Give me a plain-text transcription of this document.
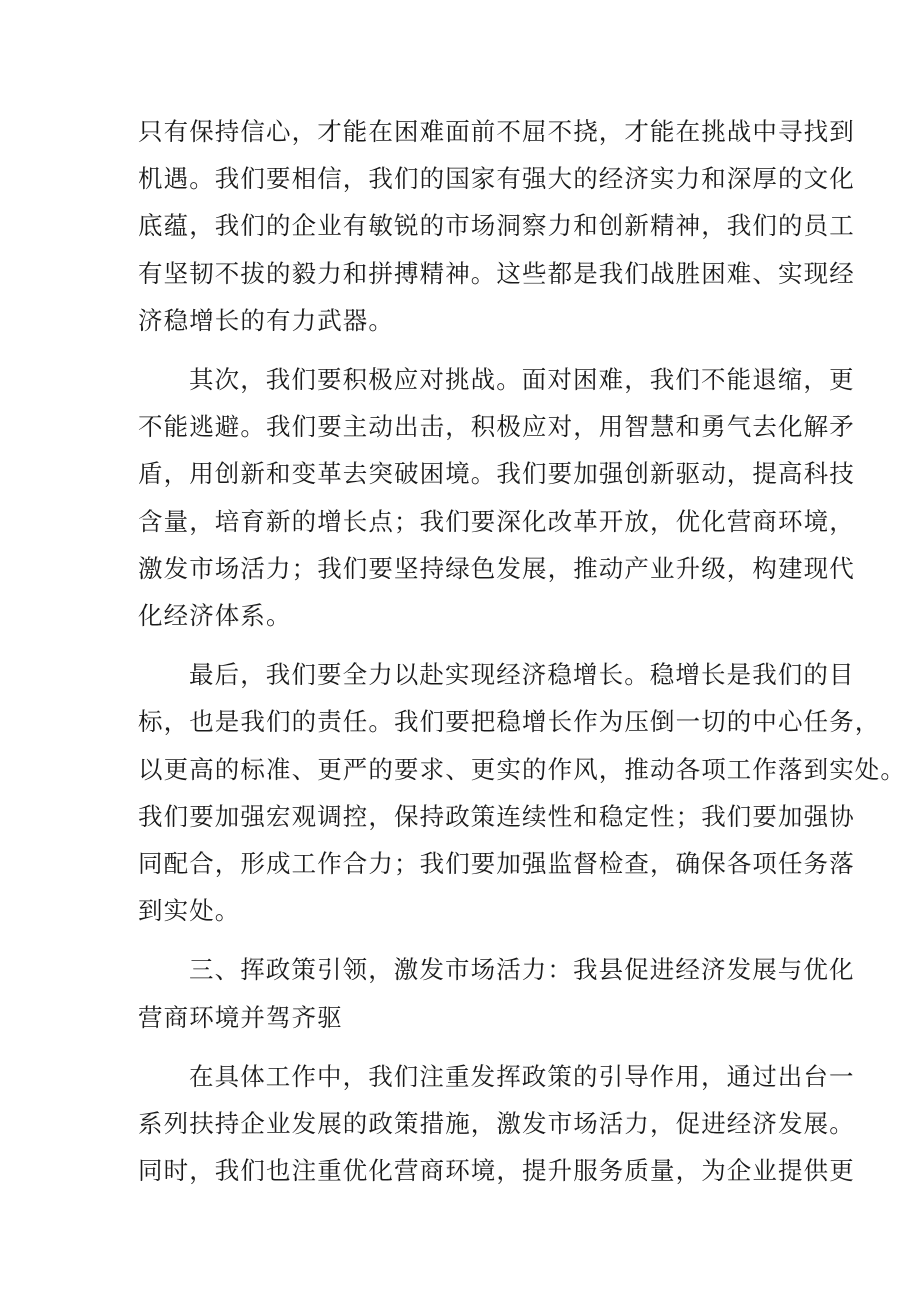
只有保持信心，才能在困难面前不屈不挠，才能在挑战中寻找到
机遇。我们要相信，我们的国家有强大的经济实力和深厚的文化
底蕴，我们的企业有敏锐的市场洞察力和创新精神，我们的员工
有坚韧不拔的毅力和拼搏精神。这些都是我们战胜困难、实现经
济稳增长的有力武器。
其次，我们要积极应对挑战。面对困难，我们不能退缩，更
不能逃避。我们要主动出击，积极应对，用智慧和勇气去化解矛
盾，用创新和变革去突破困境。我们要加强创新驱动，提高科技
含量，培育新的增长点；我们要深化改革开放，优化营商环境，
激发市场活力；我们要坚持绿色发展，推动产业升级，构建现代
化经济体系。
最后，我们要全力以赴实现经济稳增长。稳增长是我们的目
标，也是我们的责任。我们要把稳增长作为压倒一切的中心任务，
以更高的标准、更严的要求、更实的作风，推动各项工作落到实处。
我们要加强宏观调控，保持政策连续性和稳定性；我们要加强协
同配合，形成工作合力；我们要加强监督检查，确保各项任务落
到实处。
三、挥政策引领，激发市场活力：我县促进经济发展与优化
营商环境并驾齐驱
在具体工作中，我们注重发挥政策的引导作用，通过出台一
系列扶持企业发展的政策措施，激发市场活力，促进经济发展。
同时，我们也注重优化营商环境，提升服务质量，为企业提供更
